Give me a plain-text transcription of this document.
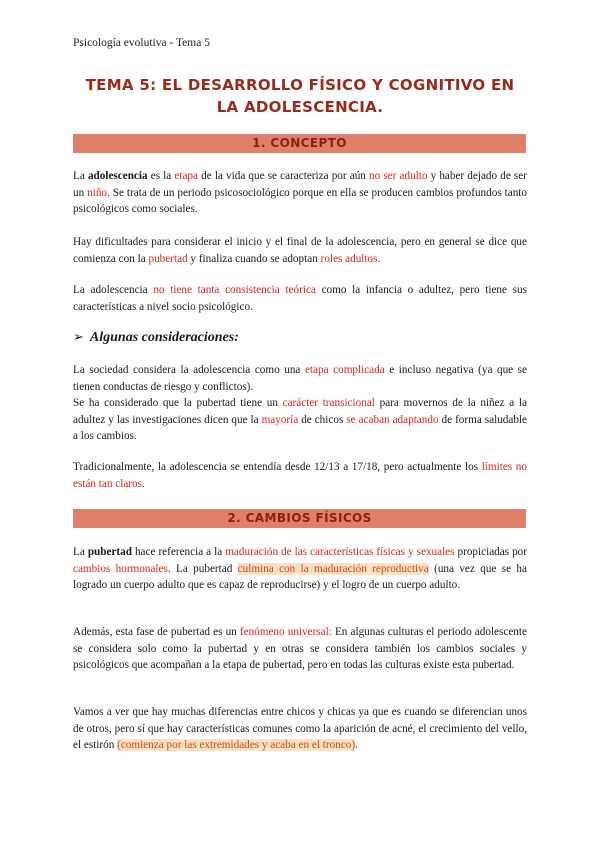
Psicología evolutiva - Tema 5
TEMA 5: EL DESARROLLO FÍSICO Y COGNITIVO EN
LA ADOLESCENCIA.
1. CONCEPTO

La adolescencia es la etapa de la vida que se caracteriza por aún no ser adulto y haber dejado de ser un niño. Se trata de un periodo psicosociológico porque en ella se producen cambios profundos tanto psicológicos como sociales.

Hay dificultades para considerar el inicio y el final de la adolescencia, pero en general se dice que comienza con la pubertad y finaliza cuando se adoptan roles adultos.

La adolescencia no tiene tanta consistencia teórica como la infancia o adultez, pero tiene sus características a nivel socio psicológico.

➢ Algunas consideraciones:

La sociedad considera la adolescencia como una etapa complicada e incluso negativa (ya que se tienen conductas de riesgo y conflictos).

Se ha considerado que la pubertad tiene un carácter transicional para movernos de la niñez a la adultez y las investigaciones dicen que la mayoría de chicos se acaban adaptando de forma saludable a los cambios.

Tradicionalmente, la adolescencia se entendía desde 12/13 a 17/18, pero actualmente los límites no están tan claros.

2. CAMBIOS FÍSICOS

La pubertad hace referencia a la maduración de las características físicas y sexuales propiciadas por cambios hormonales. La pubertad culmina con la maduración reproductiva (una vez que se ha logrado un cuerpo adulto que es capaz de reproducirse) y el logro de un cuerpo adulto.

Además, esta fase de pubertad es un fenómeno universal: En algunas culturas el periodo adolescente se considera solo como la pubertad y en otras se considera también los cambios sociales y psicológicos que acompañan a la etapa de pubertad, pero en todas las culturas existe esta pubertad.

Vamos a ver que hay muchas diferencias entre chicos y chicas ya que es cuando se diferencian unos de otros, pero sí que hay características comunes como la aparición de acné, el crecimiento del vello, el estirón (comienza por las extremidades y acaba en el tronco).
